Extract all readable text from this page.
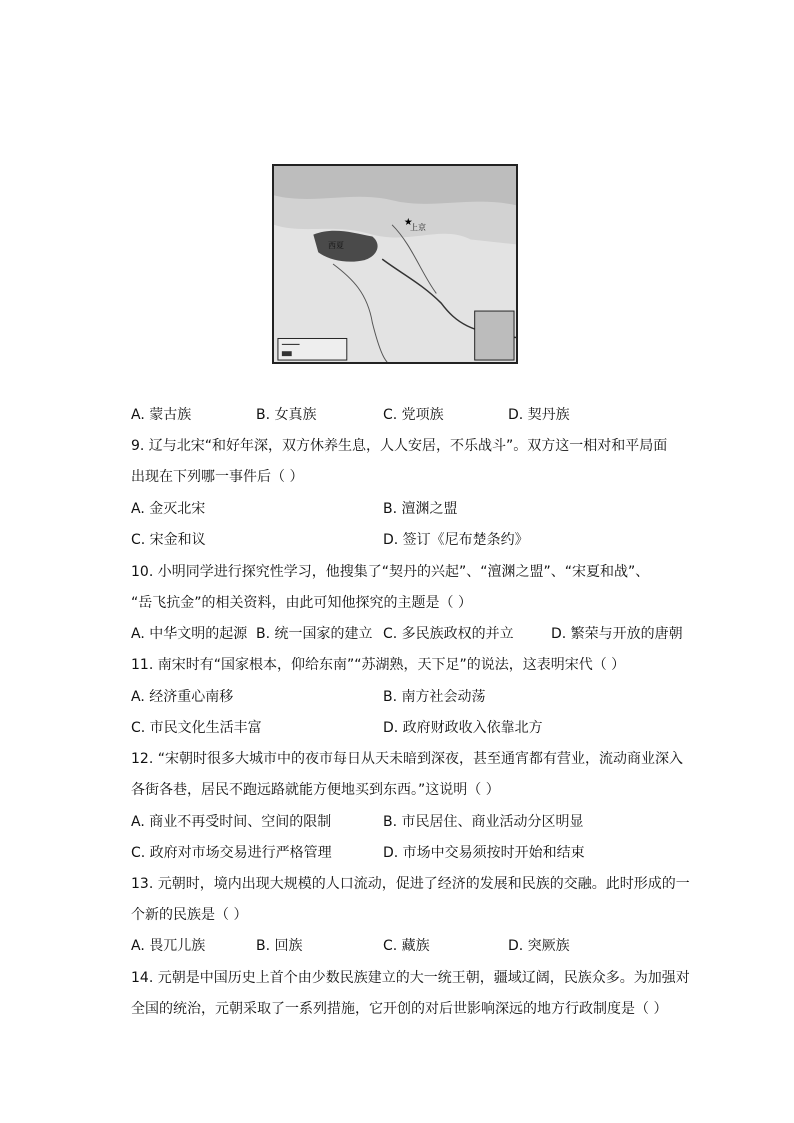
★
上京
西夏
A. 蒙古族	B. 女真族	C. 党项族	D. 契丹族
9. 辽与北宋“和好年深，双方休养生息，人人安居，不乐战斗”。双方这一相对和平局面
出现在下列哪一事件后（ ）
A. 金灭北宋	B. 澶渊之盟
C. 宋金和议	D. 签订《尼布楚条约》
10. 小明同学进行探究性学习，他搜集了“契丹的兴起”、“澶渊之盟”、“宋夏和战”、
“岳飞抗金”的相关资料，由此可知他探究的主题是（ ）
A. 中华文明的起源 B. 统一国家的建立 C. 多民族政权的并立	D. 繁荣与开放的唐朝
11. 南宋时有“国家根本，仰给东南”“苏湖熟，天下足”的说法，这表明宋代（ ）
A. 经济重心南移	B. 南方社会动荡
C. 市民文化生活丰富	D. 政府财政收入依靠北方
12. “宋朝时很多大城市中的夜市每日从天未暗到深夜，甚至通宵都有营业，流动商业深入
各街各巷，居民不跑远路就能方便地买到东西。”这说明（ ）
A. 商业不再受时间、空间的限制	B. 市民居住、商业活动分区明显
C. 政府对市场交易进行严格管理	D. 市场中交易须按时开始和结束
13. 元朝时，境内出现大规模的人口流动，促进了经济的发展和民族的交融。此时形成的一
个新的民族是（ ）
A. 畏兀儿族	B. 回族	C. 藏族	D. 突厥族
14. 元朝是中国历史上首个由少数民族建立的大一统王朝，疆域辽阔，民族众多。为加强对
全国的统治，元朝采取了一系列措施，它开创的对后世影响深远的地方行政制度是（ ）
